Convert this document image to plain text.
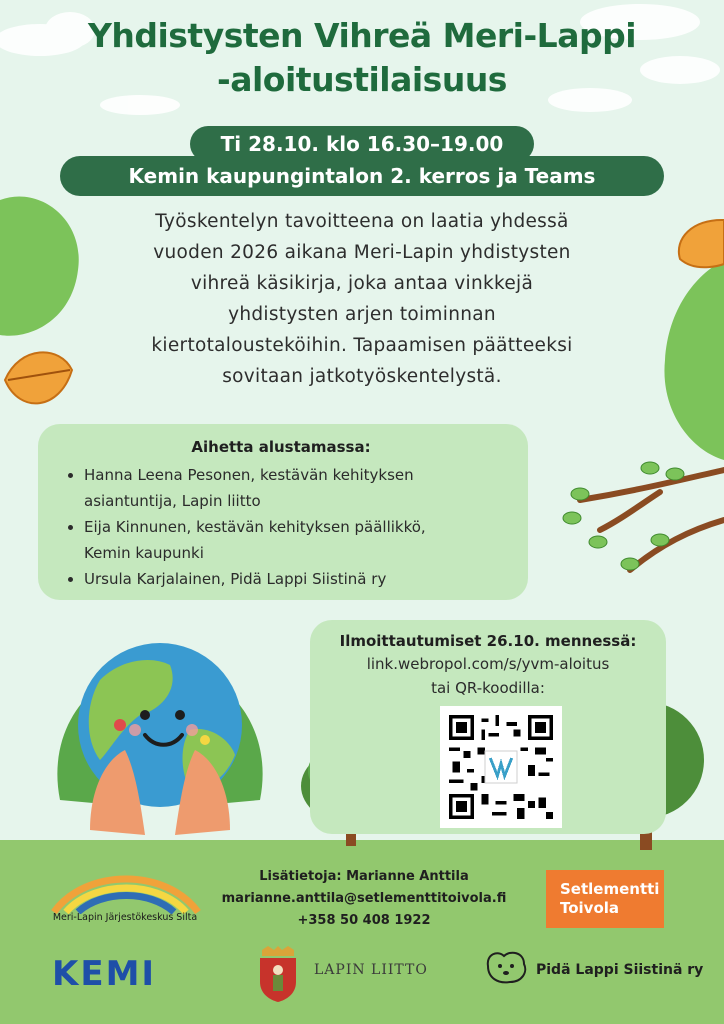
Yhdistysten Vihreä Meri-Lappi
-aloitustilaisuus
Kemin kaupungintalon 2. kerros ja Teams
Ti 28.10. klo 16.30–19.00
Työskentelyn tavoitteena on laatia yhdessä
vuoden 2026 aikana Meri-Lapin yhdistysten
vihreä käsikirja, joka antaa vinkkejä
yhdistysten arjen toiminnan
kiertotalousteköihin. Tapaamisen päätteeksi
sovitaan jatkotyöskentelystä.
Aihetta alustamassa:
• Hanna Leena Pesonen, kestävän kehityksen
asiantuntija, Lapin liitto
• Eija Kinnunen, kestävän kehityksen päällikkö,
Kemin kaupunki
• Ursula Karjalainen, Pidä Lappi Siistinä ry
Ilmoittautumiset 26.10. mennessä:
link.webropol.com/s/yvm-aloitus
tai QR-koodilla:
Lisätietoja: Marianne Anttila
marianne.anttila@setlementtitoivola.fi
+358 50 408 1922
Meri-Lapin Järjestökeskus Silta
Setlementti
Toivola
KEMI	LAPIN LIITTO	Pidä Lappi Siistinä ry
